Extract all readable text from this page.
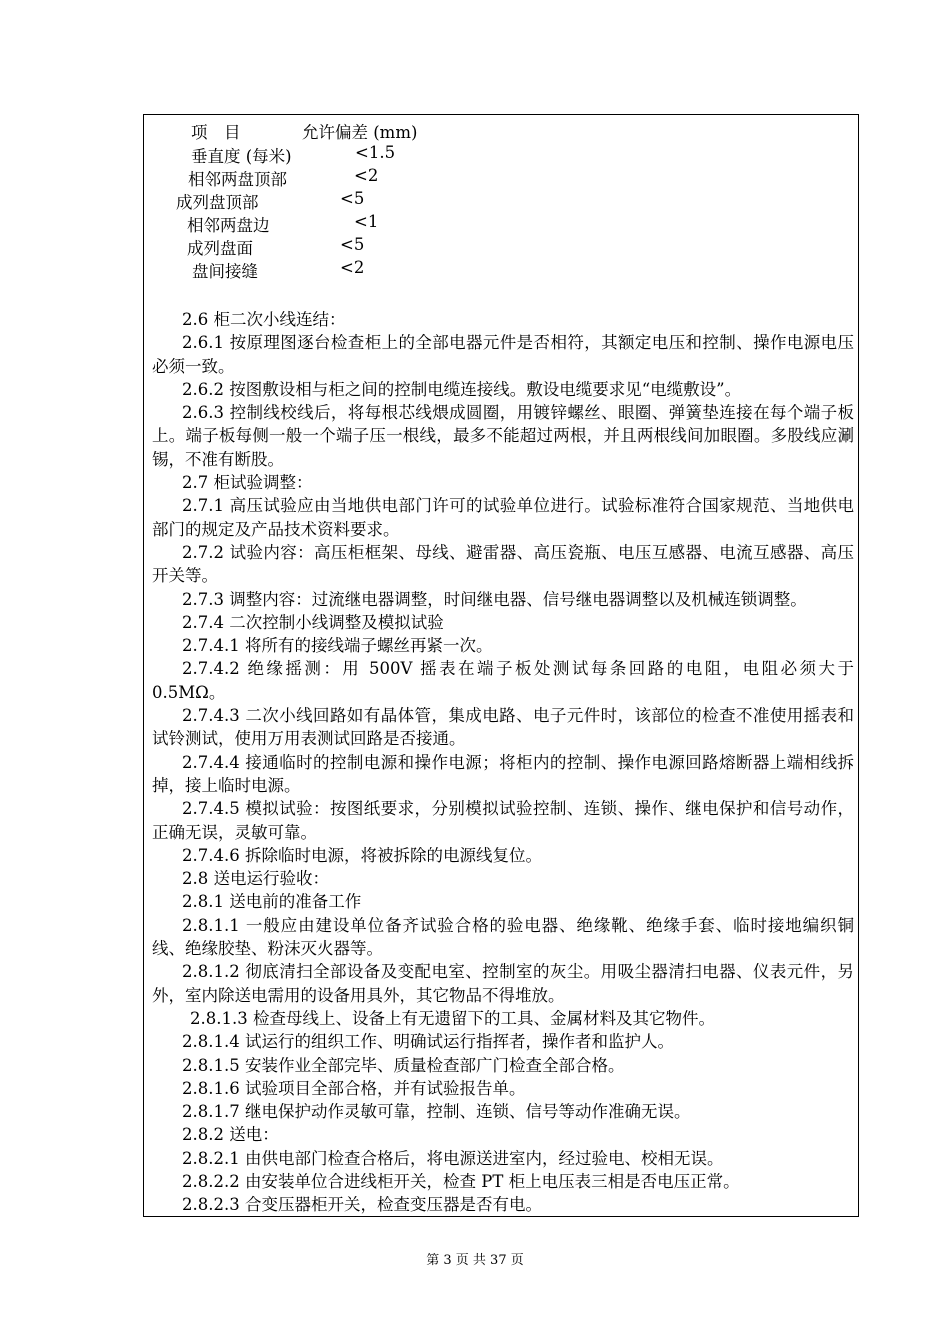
项　目	允许偏差 (mm)
垂直度 (每米)	<1.5
相邻两盘顶部	<2
成列盘顶部	<5
相邻两盘边	<1
成列盘面	<5
盘间接缝	<2

2.6 柜二次小线连结：

2.6.1 按原理图逐台检查柜上的全部电器元件是否相符，其额定电压和控制、操作电源电压必须一致。

2.6.2 按图敷设相与柜之间的控制电缆连接线。敷设电缆要求见“电缆敷设”。

2.6.3 控制线校线后，将每根芯线煨成圆圈，用镀锌螺丝、眼圈、弹簧垫连接在每个端子板上。端子板每侧一般一个端子压一根线，最多不能超过两根，并且两根线间加眼圈。多股线应涮锡，不准有断股。

2.7 柜试验调整：

2.7.1 高压试验应由当地供电部门许可的试验单位进行。试验标准符合国家规范、当地供电部门的规定及产品技术资料要求。

2.7.2 试验内容：高压柜框架、母线、避雷器、高压瓷瓶、电压互感器、电流互感器、高压开关等。

2.7.3 调整内容：过流继电器调整，时间继电器、信号继电器调整以及机械连锁调整。

2.7.4 二次控制小线调整及模拟试验

2.7.4.1 将所有的接线端子螺丝再紧一次。

2.7.4.2 绝缘摇测：用 500V 摇表在端子板处测试每条回路的电阻，电阻必须大于 0.5MΩ。

2.7.4.3 二次小线回路如有晶体管，集成电路、电子元件时，该部位的检查不准使用摇表和试铃测试，使用万用表测试回路是否接通。

2.7.4.4 接通临时的控制电源和操作电源；将柜内的控制、操作电源回路熔断器上端相线拆掉，接上临时电源。

2.7.4.5 模拟试验：按图纸要求，分别模拟试验控制、连锁、操作、继电保护和信号动作，正确无误，灵敏可靠。

2.7.4.6 拆除临时电源，将被拆除的电源线复位。

2.8 送电运行验收：

2.8.1 送电前的准备工作

2.8.1.1 一般应由建设单位备齐试验合格的验电器、绝缘靴、绝缘手套、临时接地编织铜线、绝缘胶垫、粉沫灭火器等。

2.8.1.2 彻底清扫全部设备及变配电室、控制室的灰尘。用吸尘器清扫电器、仪表元件，另外，室内除送电需用的设备用具外，其它物品不得堆放。

2.8.1.3 检查母线上、设备上有无遗留下的工具、金属材料及其它物件。

2.8.1.4 试运行的组织工作、明确试运行指挥者，操作者和监护人。

2.8.1.5 安装作业全部完毕、质量检查部广门检查全部合格。

2.8.1.6 试验项目全部合格，并有试验报告单。

2.8.1.7 继电保护动作灵敏可靠，控制、连锁、信号等动作准确无误。

2.8.2 送电：

2.8.2.1 由供电部门检查合格后，将电源送进室内，经过验电、校相无误。

2.8.2.2 由安装单位合进线柜开关，检查 PT 柜上电压表三相是否电压正常。

2.8.2.3 合变压器柜开关，检查变压器是否有电。

第 3 页 共 37 页
